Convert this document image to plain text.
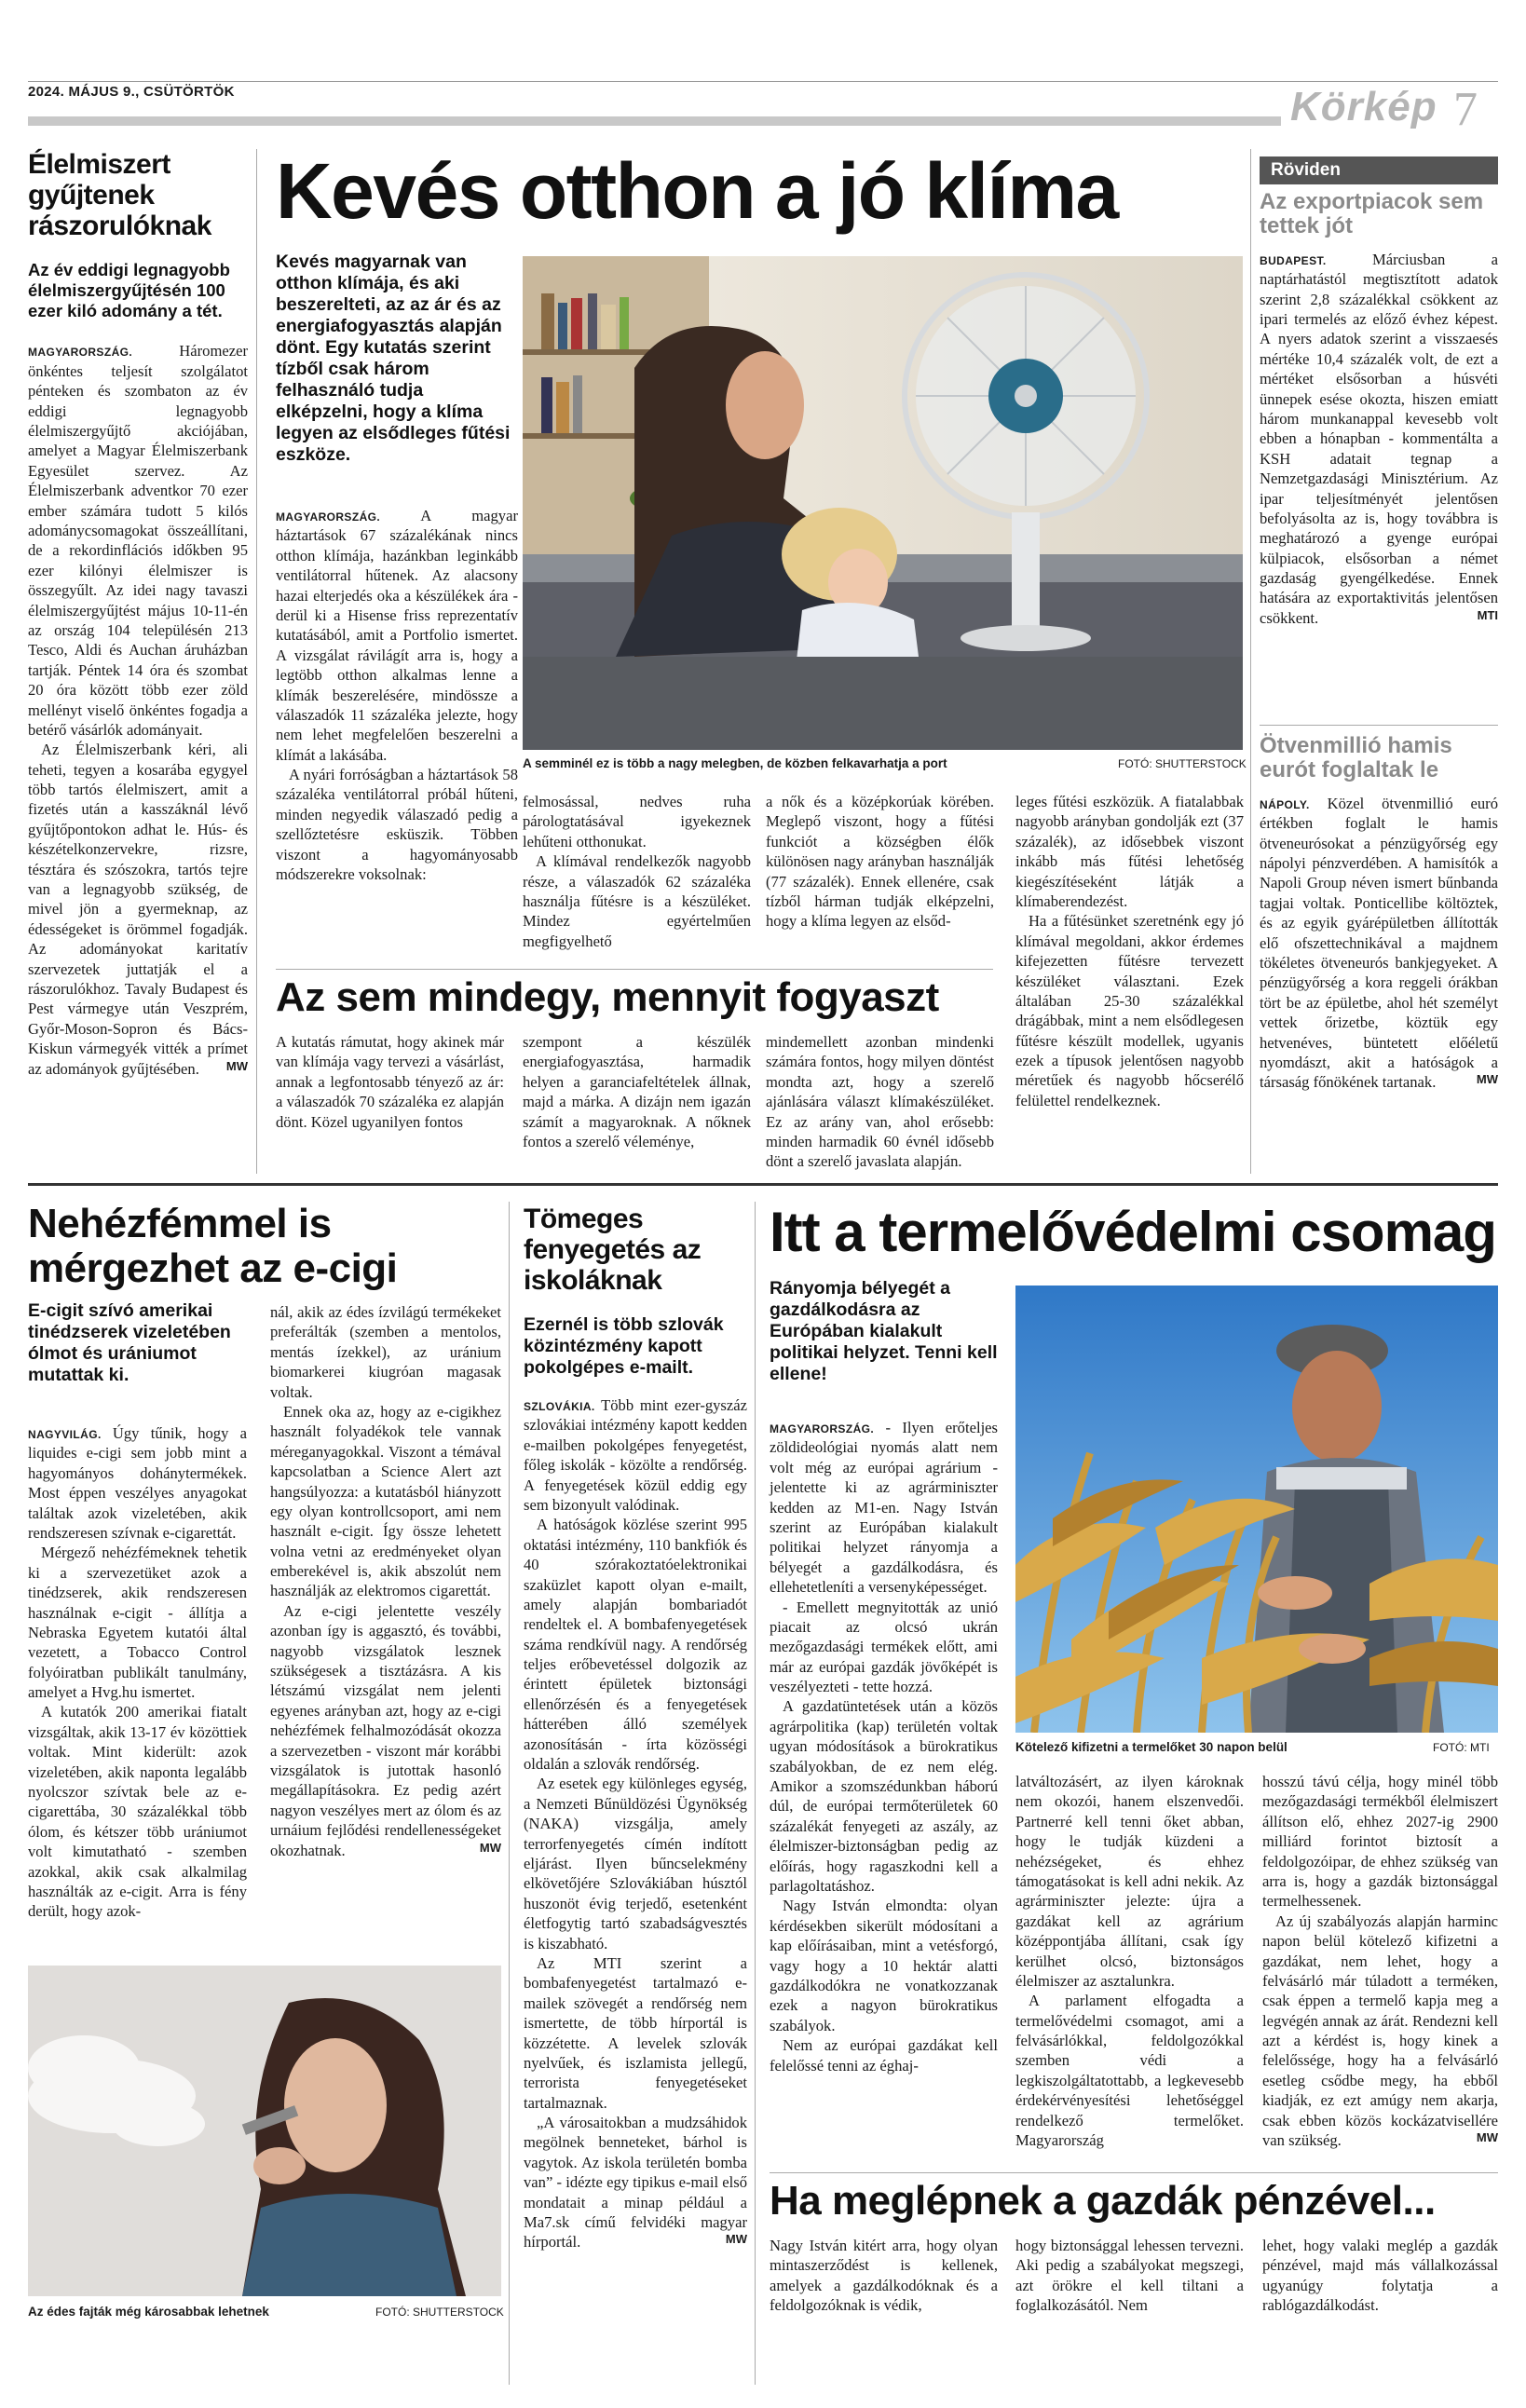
2024. MÁJUS 9., CSÜTÖRTÖK	Körkép 7
Élelmiszert gyűjtenek rászorulóknak
Az év eddigi legnagyobb élelmiszergyűjtésén 100 ezer kiló adomány a tét.

MAGYARORSZÁG.	Háromezer önkéntes teljesít szolgálatot pénteken és szombaton az év eddigi legnagyobb élelmiszergyűjtő akciójában, amelyet a Magyar Élelmiszerbank Egyesület szervez. Az Élelmiszerbank adventkor 70 ezer ember számára tudott 5 kilós adománycsomagokat összeállítani, de a rekordinflációs időkben 95 ezer kilónyi élelmiszer is összegyűlt. Az idei nagy tavaszi élelmiszergyűjtést május 10-11-én az ország 104 településén 213 Tesco, Aldi és Auchan áruházban tartják. Péntek 14 óra és szombat 20 óra között több ezer zöld mellényt viselő önkéntes fogadja a betérő vásárlók adományait.

Az Élelmiszerbank kéri, ali teheti, tegyen a kosarába egygyel több tartós élelmiszert, amit a fizetés után a kasszáknál lévő gyűjtőpontokon adhat le. Hús- és készételkonzervekre, rizsre, tésztára és szószokra, tartós tejre van a legnagyobb szükség, de mivel jön a gyermeknap, az édességeket is örömmel fogadják. Az adományokat karitatív szervezetek juttatják el a rászorulókhoz. Tavaly Budapest és Pest vármegye után Veszprém, Győr-Moson-Sopron és Bács-Kiskun vármegyék vitték a prímet az adományok gyűjtésében.	MW

Kevés otthon a jó klíma
Kevés magyarnak van otthon klímája, és aki beszerelteti, az az ár és az energiafogyasztás alapján dönt. Egy kutatás szerint tízből csak három felhasználó tudja elképzelni, hogy a klíma legyen az elsődleges fűtési eszköze.

MAGYARORSZÁG.	A magyar háztartások 67 százalékának nincs otthon klímája, hazánkban leginkább ventilátorral hűtenek. Az alacsony hazai elterjedés oka a készülékek ára - derül ki a Hisense friss reprezentatív kutatásából, amit a Portfolio ismertet. A vizsgálat rávilágít arra is, hogy a legtöbb otthon alkalmas lenne a klímák beszerelésére, mindössze a válaszadók 11 százaléka jelezte, hogy nem lehet megfelelően beszerelni a klímát a lakásába.

A nyári forróságban a háztartások 58 százaléka ventilátorral próbál hűteni, minden negyedik válaszadó pedig a szellőztetésre esküszik. Többen viszont a hagyományosabb módszerekre voksolnak:

A semminél ez is több a nagy melegben, de közben felkavarhatja a port	FOTÓ: SHUTTERSTOCK

felmosással, nedves ruha párologtatásával igyekeznek lehűteni otthonukat.

A klímával rendelkezők nagyobb része, a válaszadók 62 százaléka használja fűtésre is a készüléket. Mindez egyértelműen megfigyelhető

a nők és a középkorúak körében. Meglepő viszont, hogy a fűtési funkciót a községben élők különösen nagy arányban használják (77 százalék). Ennek ellenére, csak tízből hárman tudják elképzelni, hogy a klíma legyen az elsőd-

leges fűtési eszközük. A fiatalabbak nagyobb arányban gondolják ezt (37 százalék), az idősebbek viszont inkább más fűtési lehetőség kiegészítéseként látják a klímaberendezést.

Ha a fűtésünket szeretnénk egy jó klímával megoldani, akkor érdemes kifejezetten fűtésre tervezett készüléket választani. Ezek általában 25-30 százalékkal drágábbak, mint a nem elsődlegesen fűtésre készült modellek, ugyanis ezek a típusok jelentősen nagyobb méretűek és nagyobb hőcserélő felülettel rendelkeznek.

Az sem mindegy, mennyit fogyaszt

A kutatás rámutat, hogy akinek már van klímája vagy tervezi a vásárlást, annak a legfontosabb tényező az ár: a válaszadók 70 százaléka ez alapján dönt. Közel ugyanilyen fontos

szempont a készülék energiafogyasztása, harmadik helyen a garanciafeltételek állnak, majd a márka. A dizájn nem igazán számít a magyaroknak. A nőknek fontos a szerelő véleménye,

mindemellett azonban mindenki számára fontos, hogy milyen döntést mondta azt, hogy a szerelő ajánlására választ klímakészüléket. Ez az arány van, ahol erősebb: minden harmadik 60 évnél idősebb dönt a szerelő javaslata alapján.

Röviden
Az exportpiacok sem tettek jót

BUDAPEST.	Márciusban a naptárhatástól megtisztított adatok szerint 2,8 százalékkal csökkent az ipari termelés az előző évhez képest. A nyers adatok szerint a visszaesés mértéke 10,4 százalék volt, de ezt a mértéket elsősorban a húsvéti ünnepek esése okozta, hiszen emiatt három munkanappal kevesebb volt ebben a hónapban - kommentálta a KSH adatait tegnap a Nemzetgazdasági Minisztérium. Az ipar teljesítményét jelentősen befolyásolta az is, hogy továbbra is meghatározó a gyenge európai külpiacok, elsősorban a német gazdaság gyengélkedése. Ennek hatására az exportaktivitás jelentősen csökkent.	MTI

Ötvenmillió hamis eurót foglaltak le

NÁPOLY. Közel ötvenmillió euró értékben foglalt le hamis ötveneurósokat a pénzügyőrség egy nápolyi pénzverdében. A hamisítók a Napoli Group néven ismert bűnbanda tagjai voltak. Ponticellibe költöztek, és az egyik gyárépületben állították elő ofszettechnikával a majdnem tökéletes ötveneurós bankjegyeket. A pénzügyőrség a kora reggeli órákban tört be az épületbe, ahol hét személyt vettek őrizetbe, köztük egy hetvenéves, büntetett előéletű nyomdászt, akit a hatóságok a társaság főnökének tartanak.	MW

Nehézfémmel is mérgezhet az e-cigi
E-cigit szívó amerikai tinédzserek vizeletében ólmot és urániumot mutattak ki.

NAGYVILÁG. Úgy tűnik, hogy a liquides e-cigi sem jobb mint a hagyományos dohánytermékek. Most éppen veszélyes anyagokat találtak azok vizeletében, akik rendszeresen szívnak e-cigarettát.

Mérgező nehézfémeknek tehetik ki a szervezetüket azok a tinédzserek, akik rendszeresen használnak e-cigit - állítja a Nebraska Egyetem kutatói által vezetett, a Tobacco Control folyóiratban publikált tanulmány, amelyet a Hvg.hu ismertet.

A kutatók 200 amerikai fiatalt vizsgáltak, akik 13-17 év közöttiek voltak. Mint kiderült: azok vizeletében, akik naponta legalább nyolcszor szívtak bele az e-cigarettába, 30 százalékkal több ólom, és kétszer több urániumot volt kimutatható - szemben azokkal, akik csak alkalmilag használták az e-cigit. Arra is fény derült, hogy azok-

nál, akik az édes ízvilágú termékeket preferálták (szemben a mentolos, mentás ízekkel), az uránium biomarkerei kiugróan magasak voltak.

Ennek oka az, hogy az e-cigikhez használt folyadékok tele vannak méreganyagokkal. Viszont a témával kapcsolatban a Science Alert azt hangsúlyozza: a kutatásból hiányzott egy olyan kontrollcsoport, ami nem használt e-cigit. Így össze lehetett volna vetni az eredményeket olyan emberekével is, akik abszolút nem használják az elektromos cigarettát.

Az e-cigi jelentette veszély azonban így is aggasztó, és további, nagyobb vizsgálatok lesznek szükségesek a tisztázásra. A kis létszámú vizsgálat nem jelenti egyenes arányban azt, hogy az e-cigi nehézfémek felhalmozódását okozza a szervezetben - viszont már korábbi vizsgálatok is jutottak hasonló megállapításokra. Ez pedig azért nagyon veszélyes mert az ólom és az urnáium fejlődési rendellenességeket okozhatnak.	MW

Az édes fajták még károsabbak lehetnek	FOTÓ: SHUTTERSTOCK
Tömeges fenyegetés az iskoláknak
Ezernél is több szlovák közintézmény kapott pokolgépes e-mailt.

SZLOVÁKIA. Több mint ezer-gyszáz szlovákiai intézmény kapott kedden e-mailben pokolgépes fenyegetést, főleg iskolák - közölte a rendőrség. A fenyegetések közül eddig egy sem bizonyult valódinak.

A hatóságok közlése szerint 995 oktatási intézmény, 110 bankfiók és 40 szórakoztatóelektronikai szaküzlet kapott olyan e-mailt, amely alapján bombariadót rendeltek el. A bombafenyegetések száma rendkívül nagy. A rendőrség teljes erőbevetéssel dolgozik az érintett épületek biztonsági ellenőrzésén és a fenyegetések hátterében álló személyek azonosításán - írta közösségi oldalán a szlovák rendőrség.

Az esetek egy különleges egység, a Nemzeti Bűnüldözési Ügynökség (NAKA) vizsgálja, amely terrorfenyegetés címén indított eljárást. Ilyen bűncselekmény elkövetőjére Szlovákiában húsztól huszonöt évig terjedő, esetenként életfogytig tartó szabadságvesztés is kiszabható.

Az MTI szerint a bombafenyegetést tartalmazó e-mailek szövegét a rendőrség nem ismertette, de több hírportál is közzétette. A levelek szlovák nyelvűek, és iszlamista jellegű, terrorista fenyegetéseket tartalmaznak.

„A városaitokban a mudzsáhidok megölnek benneteket, bárhol is vagytok. Az iskola területén bomba van” - idézte egy tipikus e-mail első mondatait a minap például a Ma7.sk című felvidéki magyar hírportál.	MW

Itt a termelővédelmi csomag
Rányomja bélyegét a gazdálkodásra az Európában kialakult politikai helyzet. Tenni kell ellene!

MAGYARORSZÁG. - Ilyen erőteljes zöldideológiai nyomás alatt nem volt még az európai agrárium - jelentette ki az agrárminiszter kedden az M1-en. Nagy István szerint az Európában kialakult politikai helyzet rányomja a bélyegét a gazdálkodásra, és ellehetetleníti a versenyképességet.

- Emellett megnyitották az unió piacait az olcsó ukrán mezőgazdasági termékek előtt, ami már az európai gazdák jövőképét is veszélyezteti - tette hozzá.

A gazdatüntetések után a közös agrárpolitika (kap) területén voltak ugyan módosítások a bürokratikus szabályokban, de ez nem elég. Amikor a szomszédunkban háború dúl, de európai termőterületek 60 százalékát fenyegeti az aszály, az élelmiszer-biztonságban pedig az előírás, hogy ragaszkodni kell a parlagoltatáshoz.

Nagy István elmondta: olyan kérdésekben sikerült módosítani a kap előírásaiban, mint a vetésforgó, vagy hogy a 10 hektár alatti gazdálkodókra ne vonatkozzanak ezek a nagyon bürokratikus szabályok.

Nem az európai gazdákat kell felelőssé tenni az éghaj-

Kötelező kifizetni a termelőket 30 napon belül	FOTÓ: MTI

latváltozásért, az ilyen károknak nem okozói, hanem elszenvedői. Partnerré kell tenni őket abban, hogy le tudják küzdeni a nehézségeket, és ehhez támogatásokat is kell adni nekik. Az agrárminiszter jelezte: újra a gazdákat kell az agrárium középpontjába állítani, csak így kerülhet olcsó, biztonságos élelmiszer az asztalunkra.

A parlament elfogadta a termelővédelmi csomagot, ami a felvásárlókkal, feldolgozókkal szemben védi a legkiszolgáltatottabb, a legkevesebb érdekérvényesítési lehetőséggel rendelkező termelőket. Magyarország

hosszú távú célja, hogy minél több mezőgazdasági termékből élelmiszert állítson elő, ehhez 2027-ig 2900 milliárd forintot biztosít a feldolgozóipar, de ehhez szükség van arra is, hogy a gazdák biztonsággal termelhessenek.

Az új szabályozás alapján harminc napon belül kötelező kifizetni a gazdákat, nem lehet, hogy a felvásárló már túladott a terméken, csak éppen a termelő kapja meg a legvégén annak az árát. Rendezni kell azt a kérdést is, hogy kinek a felelőssége, hogy ha a felvásárló esetleg csődbe megy, ha ebből kiadják, ez ezt amúgy nem akarja, csak ebben közös kockázatvisellére van szükség.	MW

Ha meglépnek a gazdák pénzével...

Nagy István kitért arra, hogy olyan mintaszerződést is kellenek, amelyek a gazdálkodóknak és a feldolgozóknak is védik,

hogy biztonsággal lehessen tervezni. Aki pedig a szabályokat megszegi, azt örökre el kell tiltani a foglalkozásától. Nem

lehet, hogy valaki meglép a gazdák pénzével, majd más vállalkozással ugyanúgy folytatja a rablógazdálkodást.
